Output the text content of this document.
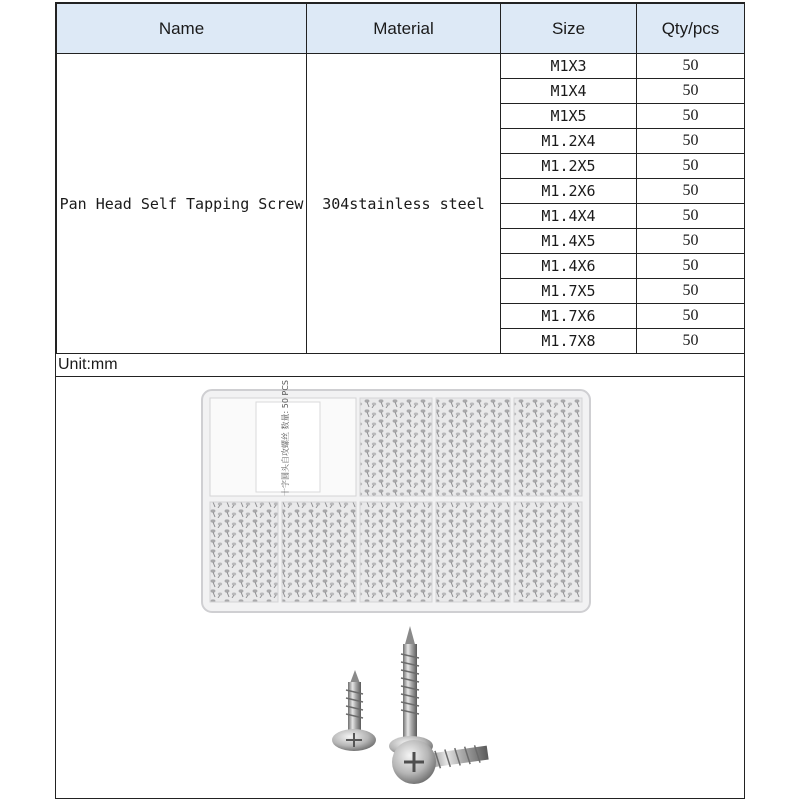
Name	Material	Size	Qty/pcs
Pan Head Self Tapping Screw	304stainless steel	M1X3	50
		M1X4	50
		M1X5	50
		M1.2X4	50
		M1.2X5	50
		M1.2X6	50
		M1.4X4	50
		M1.4X5	50
		M1.4X6	50
		M1.7X5	50
		M1.7X6	50
		M1.7X8	50
Unit:mm
十字圆头自攻螺丝 数量: 50 PCS
